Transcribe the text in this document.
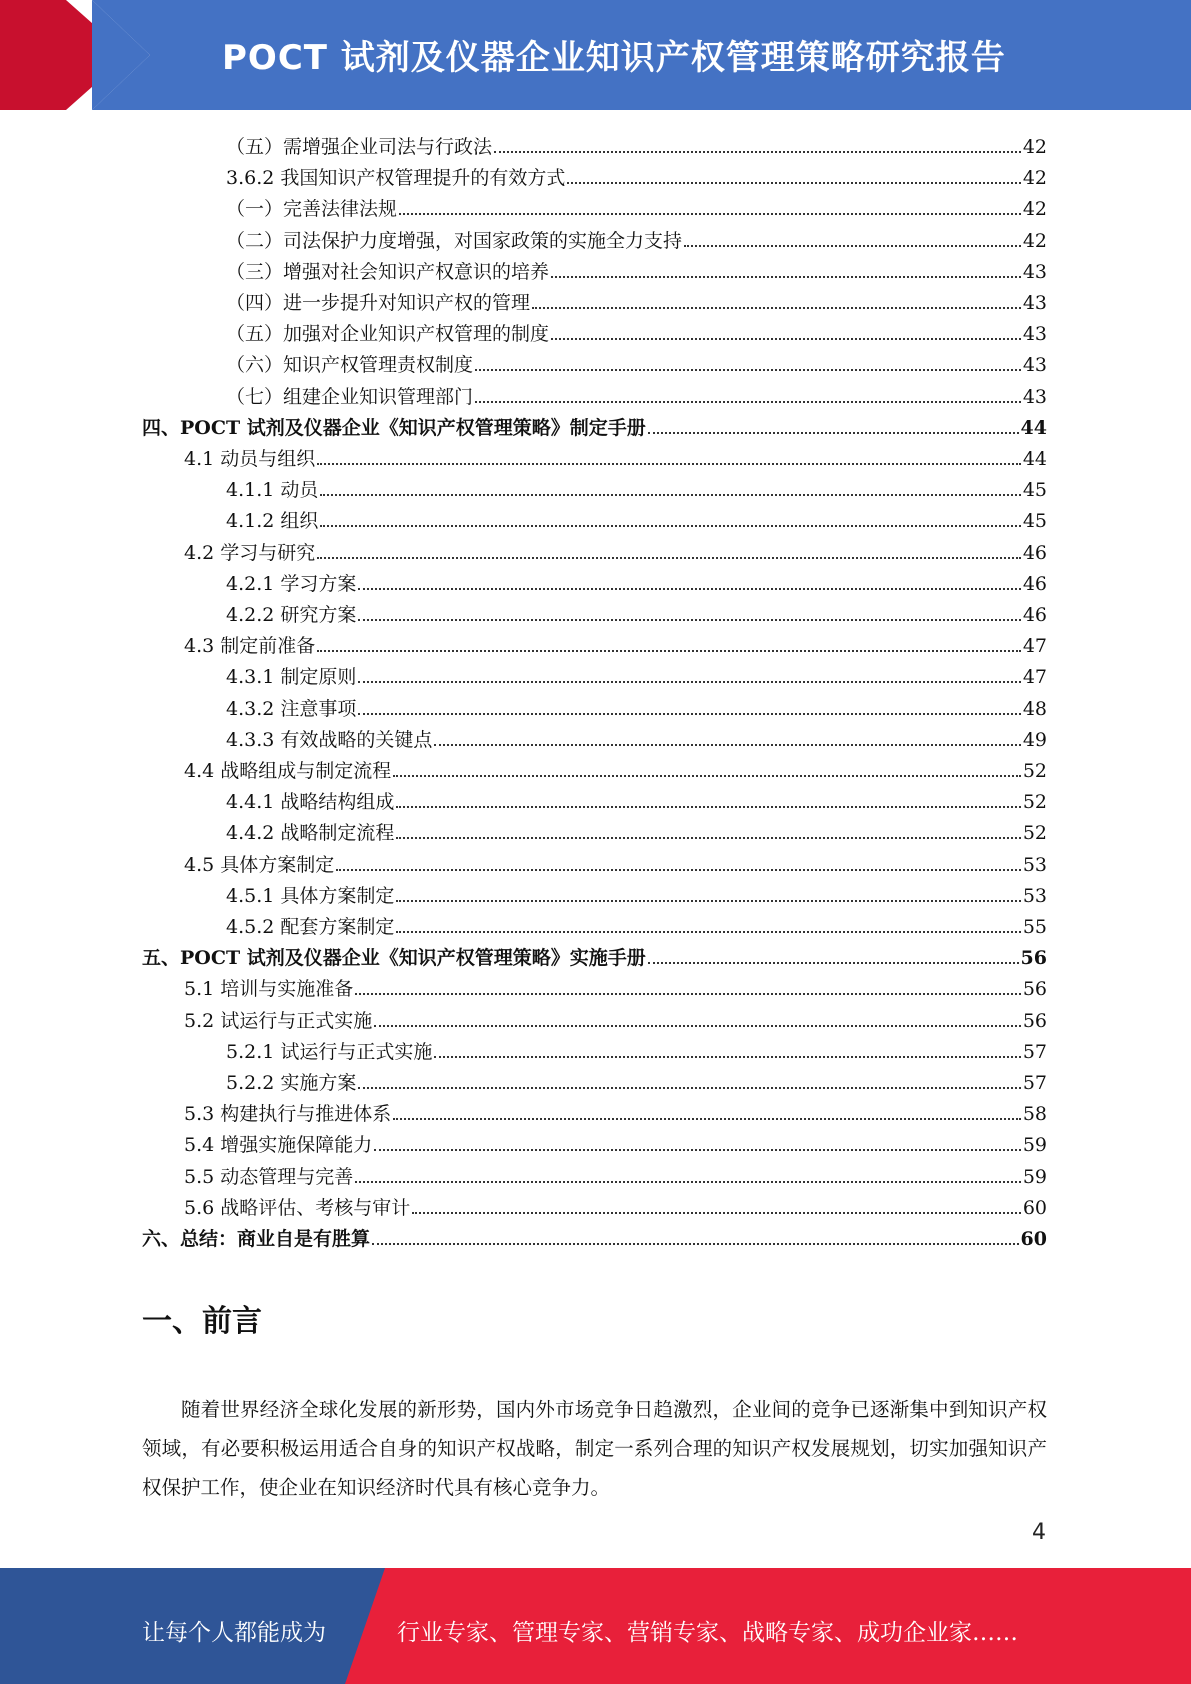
POCT 试剂及仪器企业知识产权管理策略研究报告
（五）需增强企业司法与行政法	42
3.6.2 我国知识产权管理提升的有效方式	42
（一）完善法律法规	42
（二）司法保护力度增强，对国家政策的实施全力支持	42
（三）增强对社会知识产权意识的培养	43
（四）进一步提升对知识产权的管理	43
（五）加强对企业知识产权管理的制度	43
（六）知识产权管理责权制度	43
（七）组建企业知识管理部门	43
四、POCT 试剂及仪器企业《知识产权管理策略》制定手册	44
4.1 动员与组织	44
4.1.1 动员	45
4.1.2 组织	45
4.2 学习与研究	46
4.2.1 学习方案	46
4.2.2 研究方案	46
4.3 制定前准备	47
4.3.1 制定原则	47
4.3.2 注意事项	48
4.3.3 有效战略的关键点	49
4.4 战略组成与制定流程	52
4.4.1 战略结构组成	52
4.4.2 战略制定流程	52
4.5 具体方案制定	53
4.5.1 具体方案制定	53
4.5.2 配套方案制定	55
五、POCT 试剂及仪器企业《知识产权管理策略》实施手册	56
5.1 培训与实施准备	56
5.2 试运行与正式实施	56
5.2.1 试运行与正式实施	57
5.2.2 实施方案	57
5.3 构建执行与推进体系	58
5.4 增强实施保障能力	59
5.5 动态管理与完善	59
5.6 战略评估、考核与审计	60
六、总结：商业自是有胜算	60
一、前言
随着世界经济全球化发展的新形势，国内外市场竞争日趋激烈，企业间的竞争已逐渐集中到知识产权领域，有必要积极运用适合自身的知识产权战略，制定一系列合理的知识产权发展规划，切实加强知识产权保护工作，使企业在知识经济时代具有核心竞争力。
4
让每个人都能成为	行业专家、管理专家、营销专家、战略专家、成功企业家……
